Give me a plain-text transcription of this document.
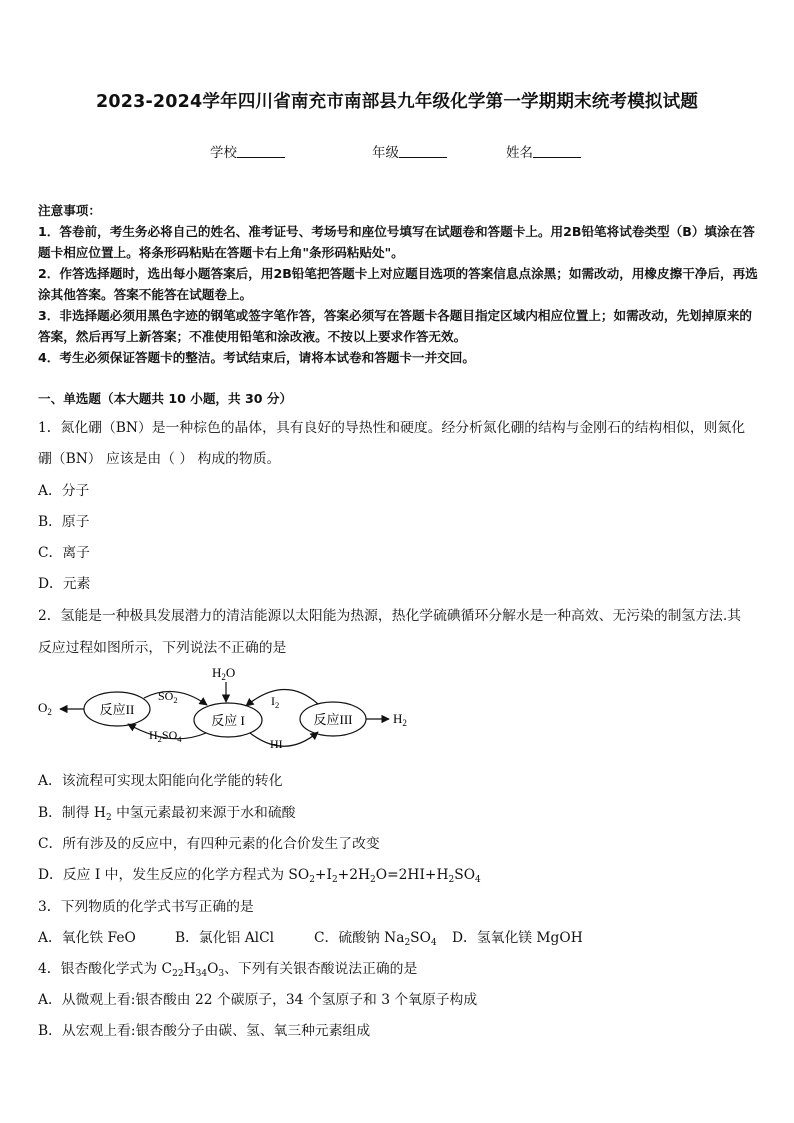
2023-2024学年四川省南充市南部县九年级化学第一学期期末统考模拟试题
学校	年级	姓名
注意事项：
1．答卷前，考生务必将自己的姓名、准考证号、考场号和座位号填写在试题卷和答题卡上。用2B铅笔将试卷类型（B）填涂在答题卡相应位置上。将条形码粘贴在答题卡右上角"条形码粘贴处"。
2．作答选择题时，选出每小题答案后，用2B铅笔把答题卡上对应题目选项的答案信息点涂黑；如需改动，用橡皮擦干净后，再选涂其他答案。答案不能答在试题卷上。
3．非选择题必须用黑色字迹的钢笔或签字笔作答，答案必须写在答题卡各题目指定区域内相应位置上；如需改动，先划掉原来的答案，然后再写上新答案；不准使用铅笔和涂改液。不按以上要求作答无效。
4．考生必须保证答题卡的整洁。考试结束后，请将本试卷和答题卡一并交回。
一、单选题（本大题共 10 小题，共 30 分）
1．氮化硼（BN）是一种棕色的晶体，具有良好的导热性和硬度。经分析氮化硼的结构与金刚石的结构相似，则氮化
硼（BN） 应该是由（ ） 构成的物质。
A．分子
B．原子
C．离子
D．元素
2．氢能是一种极具发展潜力的清洁能源以太阳能为热源，热化学硫碘循环分解水是一种高效、无污染的制氢方法.其
反应过程如图所示，下列说法不正确的是
反应II
反应 I	反应III
$H_2O$
$O_2$	$H_2$
$SO_2$
$H_2SO_4$
$I_2$
HI
A．该流程可实现太阳能向化学能的转化
B．制得 $H_2$ 中氢元素最初来源于水和硫酸
C．所有涉及的反应中，有四种元素的化合价发生了改变
D．反应 I 中，发生反应的化学方程式为 $SO_2+I_2+2H_2O=2HI+H_2SO_4$
3．下列物质的化学式书写正确的是
A．氧化铁 FeO	B．氯化铝 AlCl	C．硫酸钠 $Na_2SO_4$ D．氢氧化镁 MgOH
4．银杏酸化学式为 $C_{22}H_{34}O_3$、下列有关银杏酸说法正确的是
A．从微观上看:银杏酸由 22 个碳原子，34 个氢原子和 3 个氧原子构成
B．从宏观上看:银杏酸分子由碳、氢、氧三种元素组成
